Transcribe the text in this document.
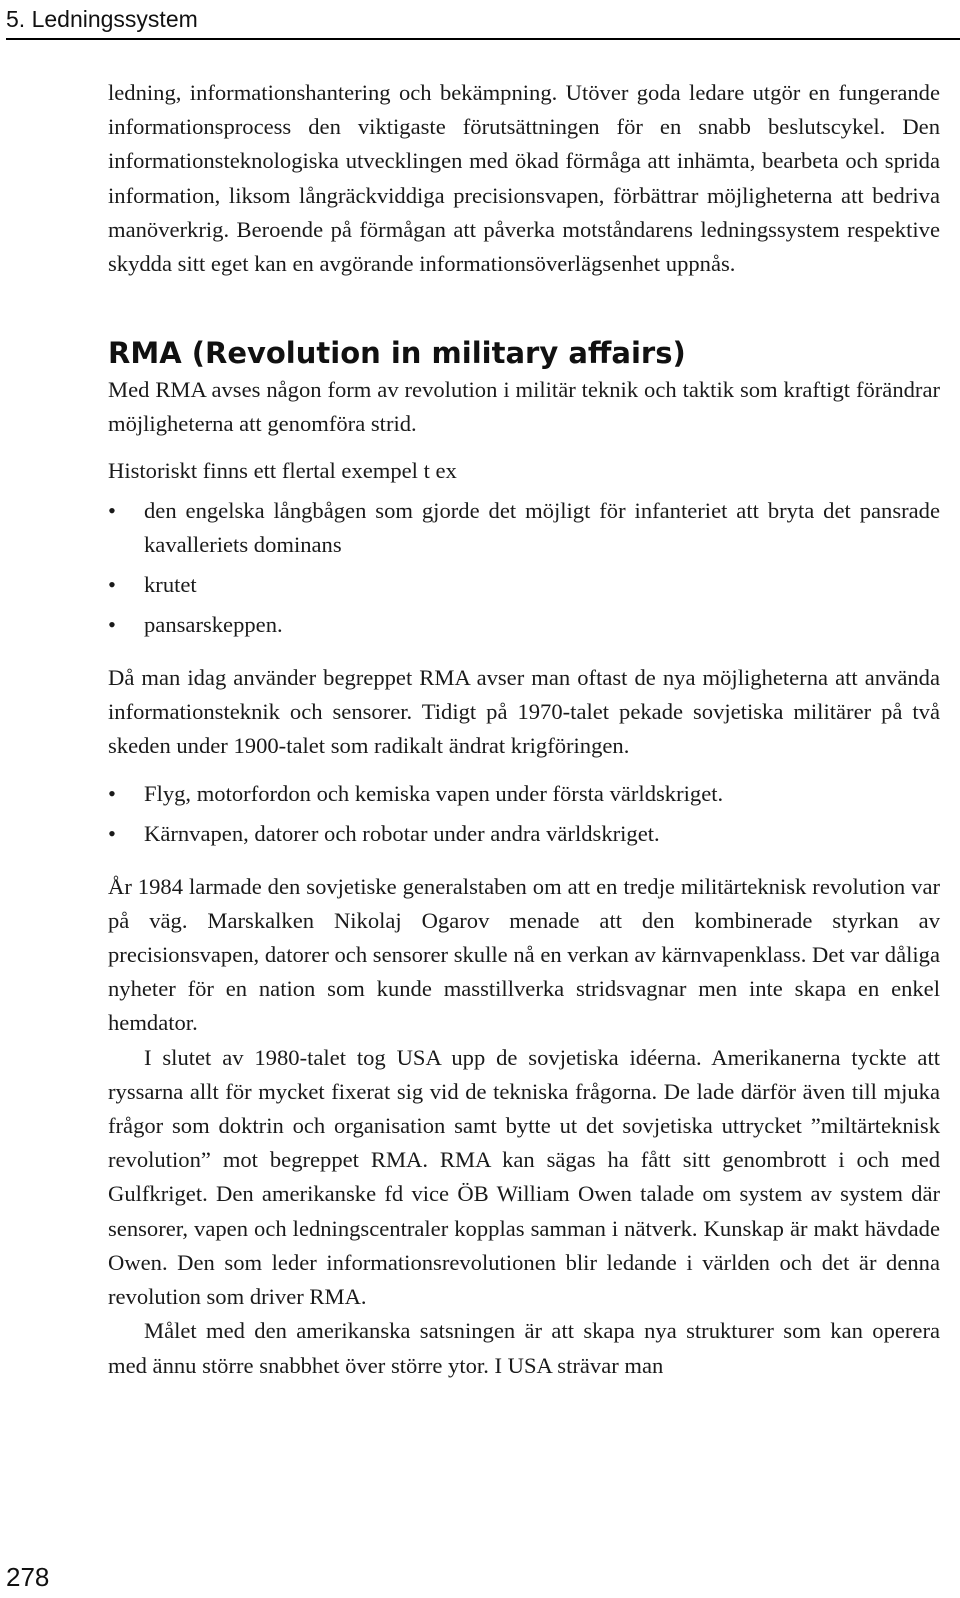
5. Ledningssystem

ledning, informationshantering och bekämpning. Utöver goda ledare utgör en fungerande informationsprocess den viktigaste förutsättningen för en snabb beslutscykel. Den informationsteknologiska utvecklingen med ökad förmåga att inhämta, bearbeta och sprida information, liksom långräckviddiga precisionsvapen, förbättrar möjligheterna att bedriva manöverkrig. Beroende på förmågan att påverka motståndarens ledningssystem respektive skydda sitt eget kan en avgörande informationsöverlägsenhet uppnås.

RMA (Revolution in military affairs)

Med RMA avses någon form av revolution i militär teknik och taktik som kraftigt förändrar möjligheterna att genomföra strid.

Historiskt finns ett flertal exempel t ex

• den engelska långbågen som gjorde det möjligt för infanteriet att bryta det pansrade kavalleriets dominans
• krutet
• pansarskeppen.

Då man idag använder begreppet RMA avser man oftast de nya möjligheterna att använda informationsteknik och sensorer. Tidigt på 1970-talet pekade sovjetiska militärer på två skeden under 1900-talet som radikalt ändrat krigföringen.

• Flyg, motorfordon och kemiska vapen under första världskriget.
• Kärnvapen, datorer och robotar under andra världskriget.

År 1984 larmade den sovjetiske generalstaben om att en tredje militärteknisk revolution var på väg. Marskalken Nikolaj Ogarov menade att den kombinerade styrkan av precisionsvapen, datorer och sensorer skulle nå en verkan av kärnvapenklass. Det var dåliga nyheter för en nation som kunde masstillverka stridsvagnar men inte skapa en enkel hemdator.

I slutet av 1980-talet tog USA upp de sovjetiska idéerna. Amerikanerna tyckte att ryssarna allt för mycket fixerat sig vid de tekniska frågorna. De lade därför även till mjuka frågor som doktrin och organisation samt bytte ut det sovjetiska uttrycket ”miltärteknisk revolution” mot begreppet RMA. RMA kan sägas ha fått sitt genombrott i och med Gulfkriget. Den amerikanske fd vice ÖB William Owen talade om system av system där sensorer, vapen och ledningscentraler kopplas samman i nätverk. Kunskap är makt hävdade Owen. Den som leder informationsrevolutionen blir ledande i världen och det är denna revolution som driver RMA.

Målet med den amerikanska satsningen är att skapa nya strukturer som kan operera med ännu större snabbhet över större ytor. I USA strävar man

278
